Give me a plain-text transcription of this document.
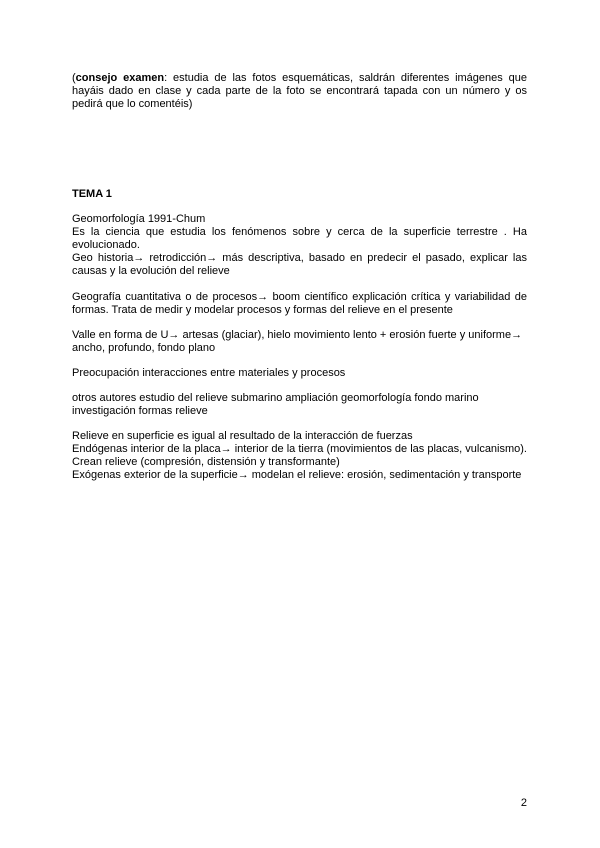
(consejo examen: estudia de las fotos esquemáticas, saldrán diferentes imágenes que hayáis dado en clase y cada parte de la foto se encontrará tapada con un número y os pedirá que lo comentéis)
TEMA 1
Geomorfología 1991-Chum
Es la ciencia que estudia los fenómenos sobre y cerca de la superficie terrestre . Ha evolucionado.
Geo historia→ retrodicción→ más descriptiva, basado en predecir el pasado, explicar las causas y la evolución del relieve
Geografía cuantitativa o de procesos→ boom científico explicación crítica y variabilidad de formas. Trata de medir y modelar procesos y formas del relieve en el presente
Valle en forma de U→ artesas (glaciar), hielo movimiento lento + erosión fuerte y uniforme→ ancho, profundo, fondo plano
Preocupación interacciones entre materiales y procesos
otros autores estudio del relieve submarino ampliación geomorfología fondo marino
investigación formas relieve
Relieve en superficie es igual al resultado de la interacción de fuerzas
Endógenas interior de la placa→ interior de la tierra (movimientos de las placas, vulcanismo). Crean relieve (compresión, distensión y transformante)
Exógenas exterior de la superficie→ modelan el relieve: erosión, sedimentación y transporte
2
